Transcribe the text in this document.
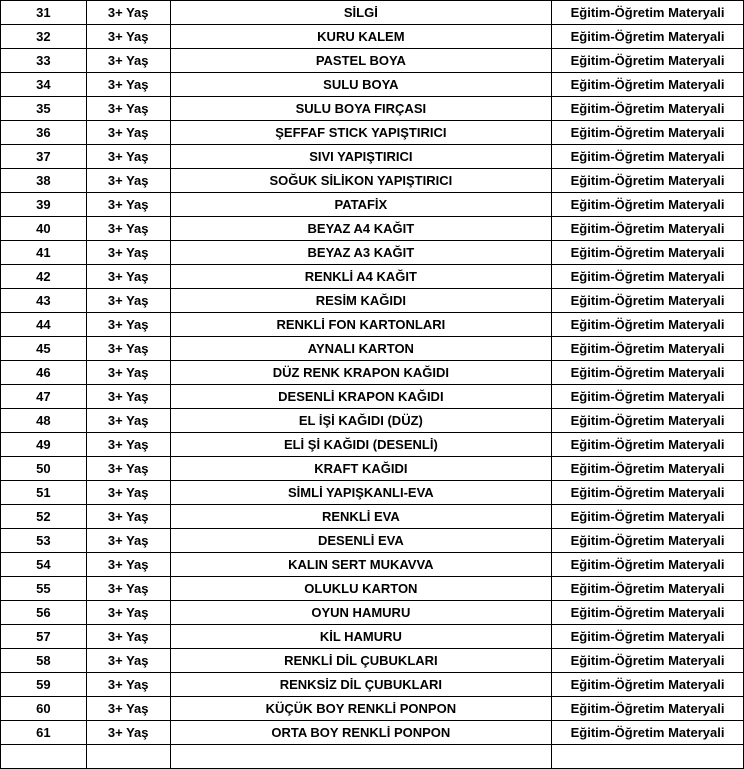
31	3+ Yaş	SİLGİ	Eğitim-Öğretim Materyali
32	3+ Yaş	KURU KALEM	Eğitim-Öğretim Materyali
33	3+ Yaş	PASTEL BOYA	Eğitim-Öğretim Materyali
34	3+ Yaş	SULU BOYA	Eğitim-Öğretim Materyali
35	3+ Yaş	SULU BOYA FIRÇASI	Eğitim-Öğretim Materyali
36	3+ Yaş	ŞEFFAF STICK YAPIŞTIRICI	Eğitim-Öğretim Materyali
37	3+ Yaş	SIVI YAPIŞTIRICI	Eğitim-Öğretim Materyali
38	3+ Yaş	SOĞUK SİLİKON YAPIŞTIRICI	Eğitim-Öğretim Materyali
39	3+ Yaş	PATAFİX	Eğitim-Öğretim Materyali
40	3+ Yaş	BEYAZ A4 KAĞIT	Eğitim-Öğretim Materyali
41	3+ Yaş	BEYAZ A3 KAĞIT	Eğitim-Öğretim Materyali
42	3+ Yaş	RENKLİ A4 KAĞIT	Eğitim-Öğretim Materyali
43	3+ Yaş	RESİM KAĞIDI	Eğitim-Öğretim Materyali
44	3+ Yaş	RENKLİ FON KARTONLARI	Eğitim-Öğretim Materyali
45	3+ Yaş	AYNALI KARTON	Eğitim-Öğretim Materyali
46	3+ Yaş	DÜZ RENK KRAPON KAĞIDI	Eğitim-Öğretim Materyali
47	3+ Yaş	DESENLİ KRAPON KAĞIDI	Eğitim-Öğretim Materyali
48	3+ Yaş	EL İŞİ KAĞIDI (DÜZ)	Eğitim-Öğretim Materyali
49	3+ Yaş	ELİ Şİ KAĞIDI (DESENLİ)	Eğitim-Öğretim Materyali
50	3+ Yaş	KRAFT KAĞIDI	Eğitim-Öğretim Materyali
51	3+ Yaş	SİMLİ YAPIŞKANLI-EVA	Eğitim-Öğretim Materyali
52	3+ Yaş	RENKLİ EVA	Eğitim-Öğretim Materyali
53	3+ Yaş	DESENLİ EVA	Eğitim-Öğretim Materyali
54	3+ Yaş	KALIN SERT MUKAVVA	Eğitim-Öğretim Materyali
55	3+ Yaş	OLUKLU KARTON	Eğitim-Öğretim Materyali
56	3+ Yaş	OYUN HAMURU	Eğitim-Öğretim Materyali
57	3+ Yaş	KİL HAMURU	Eğitim-Öğretim Materyali
58	3+ Yaş	RENKLİ DİL ÇUBUKLARI	Eğitim-Öğretim Materyali
59	3+ Yaş	RENKSİZ DİL ÇUBUKLARI	Eğitim-Öğretim Materyali
60	3+ Yaş	KÜÇÜK BOY RENKLİ PONPON	Eğitim-Öğretim Materyali
61	3+ Yaş	ORTA BOY RENKLİ PONPON	Eğitim-Öğretim Materyali
